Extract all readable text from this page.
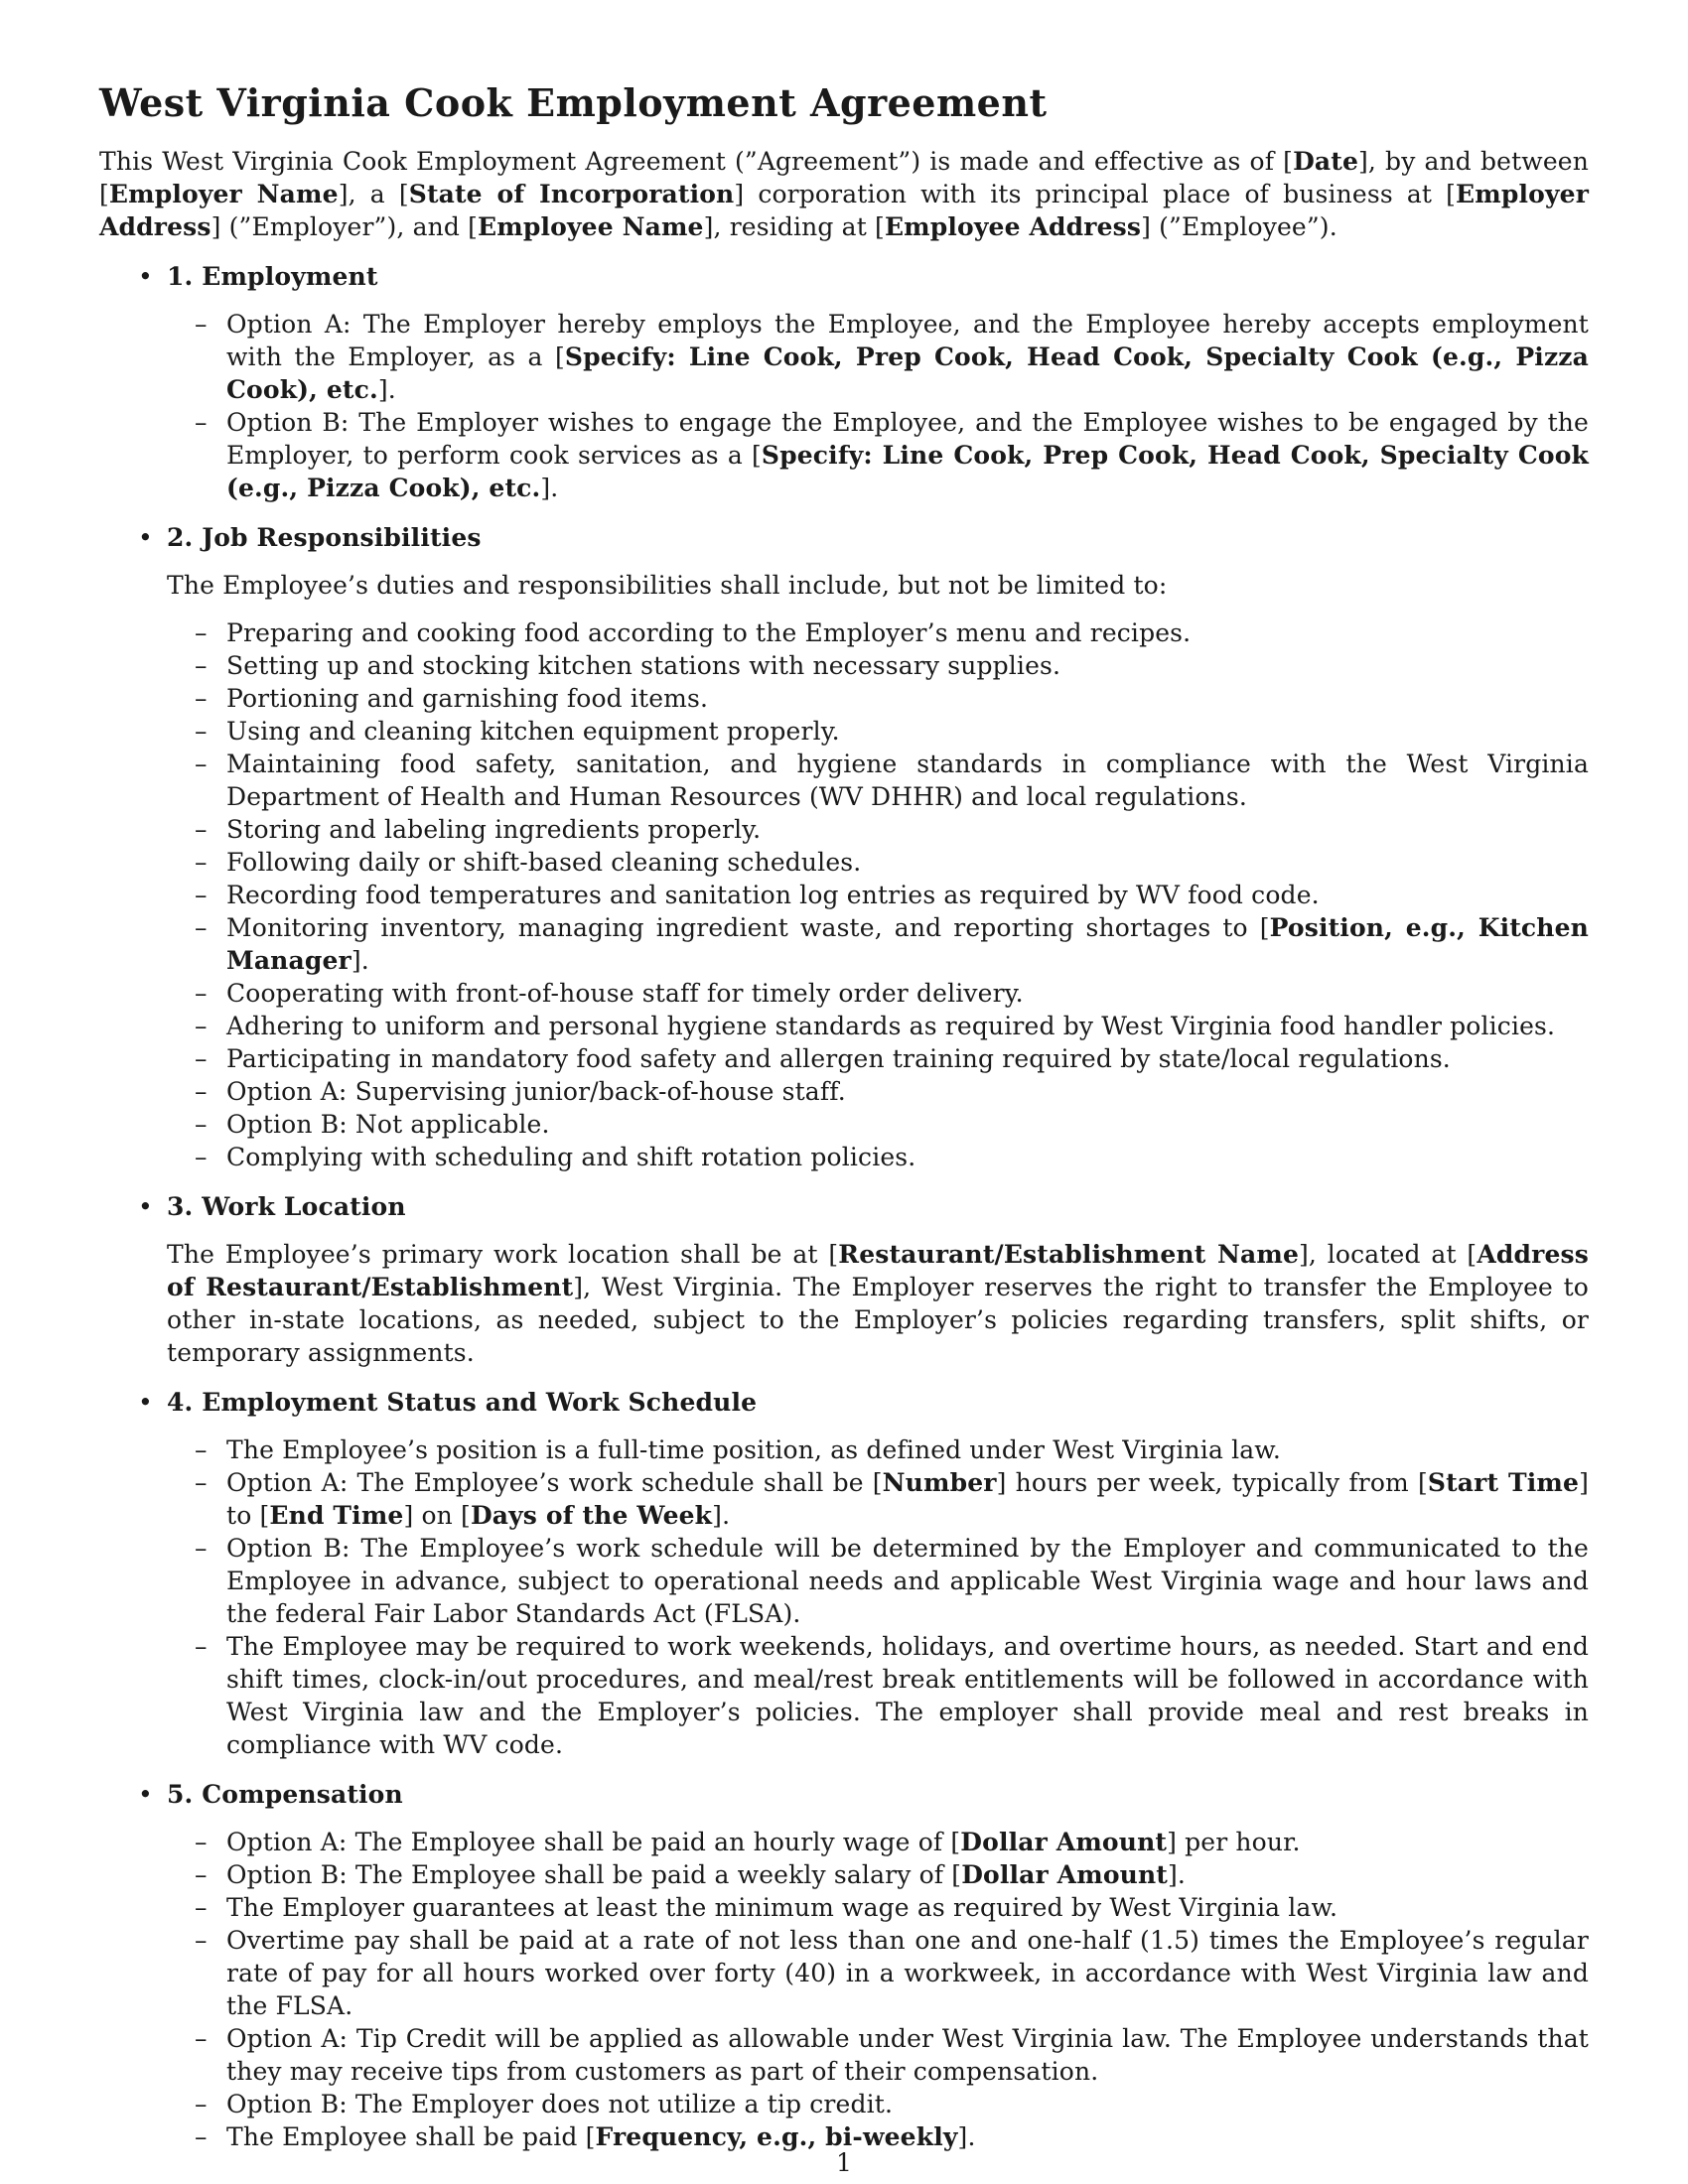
West Virginia Cook Employment Agreement

This West Virginia Cook Employment Agreement (”Agreement”) is made and effective as of [Date], by and between [Employer Name], a [State of Incorporation] corporation with its principal place of business at [Employer Address] (”Employer”), and [Employee Name], residing at [Employee Address] (”Employee”).

• 1. Employment
– Option A: The Employer hereby employs the Employee, and the Employee hereby accepts employment with the Employer, as a [Specify: Line Cook, Prep Cook, Head Cook, Specialty Cook (e.g., Pizza Cook), etc.].
– Option B: The Employer wishes to engage the Employee, and the Employee wishes to be engaged by the Employer, to perform cook services as a [Specify: Line Cook, Prep Cook, Head Cook, Specialty Cook (e.g., Pizza Cook), etc.].
• 2. Job Responsibilities

The Employee’s duties and responsibilities shall include, but not be limited to:

– Preparing and cooking food according to the Employer’s menu and recipes.
– Setting up and stocking kitchen stations with necessary supplies.
– Portioning and garnishing food items.
– Using and cleaning kitchen equipment properly.
– Maintaining food safety, sanitation, and hygiene standards in compliance with the West Virginia Department of Health and Human Resources (WV DHHR) and local regulations.
– Storing and labeling ingredients properly.
– Following daily or shift-based cleaning schedules.
– Recording food temperatures and sanitation log entries as required by WV food code.
– Monitoring inventory, managing ingredient waste, and reporting shortages to [Position, e.g., Kitchen Manager].
– Cooperating with front-of-house staff for timely order delivery.
– Adhering to uniform and personal hygiene standards as required by West Virginia food handler policies.
– Participating in mandatory food safety and allergen training required by state/local regulations.
– Option A: Supervising junior/back-of-house staff.
– Option B: Not applicable.
– Complying with scheduling and shift rotation policies.
• 3. Work Location

The Employee’s primary work location shall be at [Restaurant/Establishment Name], located at [Address of Restaurant/Establishment], West Virginia. The Employer reserves the right to transfer the Employee to other in-state locations, as needed, subject to the Employer’s policies regarding transfers, split shifts, or temporary assignments.

• 4. Employment Status and Work Schedule
– The Employee’s position is a full-time position, as defined under West Virginia law.
– Option A: The Employee’s work schedule shall be [Number] hours per week, typically from [Start Time] to [End Time] on [Days of the Week].
– Option B: The Employee’s work schedule will be determined by the Employer and communicated to the Employee in advance, subject to operational needs and applicable West Virginia wage and hour laws and the federal Fair Labor Standards Act (FLSA).
– The Employee may be required to work weekends, holidays, and overtime hours, as needed. Start and end shift times, clock-in/out procedures, and meal/rest break entitlements will be followed in accordance with West Virginia law and the Employer’s policies. The employer shall provide meal and rest breaks in compliance with WV code.
• 5. Compensation
– Option A: The Employee shall be paid an hourly wage of [Dollar Amount] per hour.
– Option B: The Employee shall be paid a weekly salary of [Dollar Amount].
– The Employer guarantees at least the minimum wage as required by West Virginia law.
– Overtime pay shall be paid at a rate of not less than one and one-half (1.5) times the Employee’s regular rate of pay for all hours worked over forty (40) in a workweek, in accordance with West Virginia law and the FLSA.
– Option A: Tip Credit will be applied as allowable under West Virginia law. The Employee understands that they may receive tips from customers as part of their compensation.
– Option B: The Employer does not utilize a tip credit.
– The Employee shall be paid [Frequency, e.g., bi-weekly].
1
